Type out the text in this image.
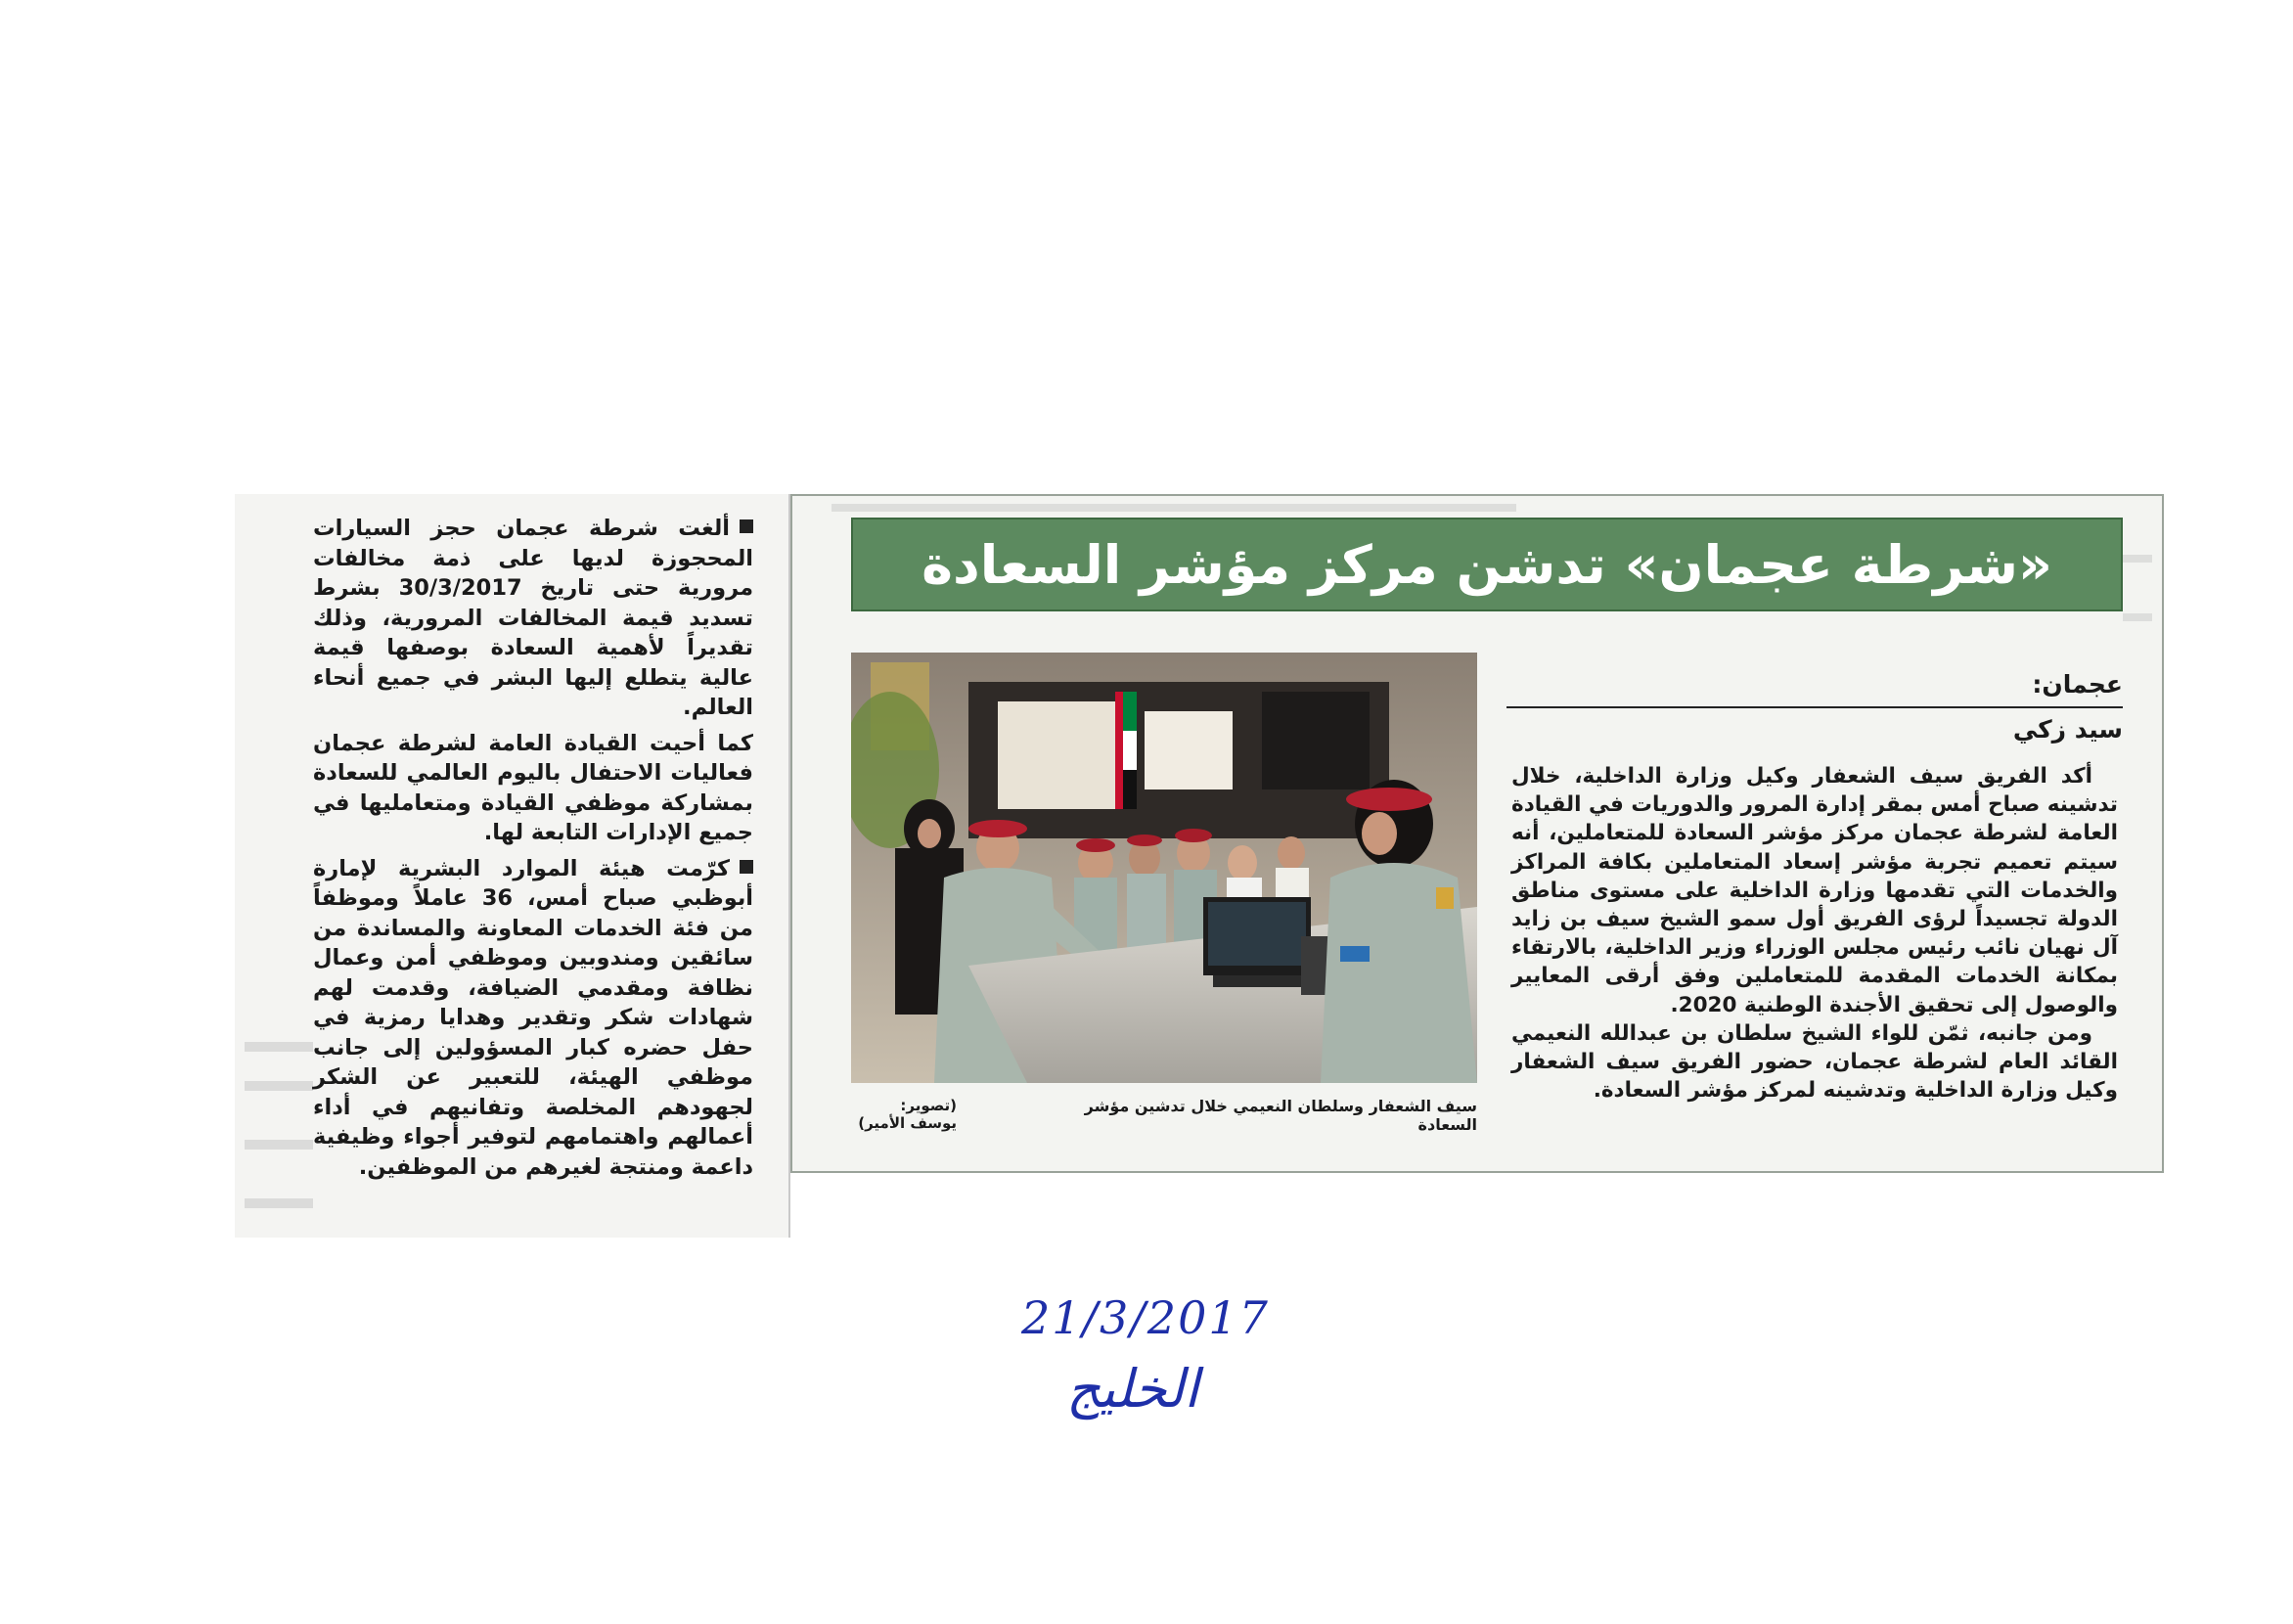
ألغت شرطة عجمان حجز السيارات المحجوزة لديها على ذمة مخالفات مرورية حتى تاريخ 30/3/2017 بشرط تسديد قيمة المخالفات المرورية، وذلك تقديراً لأهمية السعادة بوصفها قيمة عالية يتطلع إليها البشر في جميع أنحاء العالم.

كما أحيت القيادة العامة لشرطة عجمان فعاليات الاحتفال باليوم العالمي للسعادة بمشاركة موظفي القيادة ومتعامليها في جميع الإدارات التابعة لها.

كرّمت هيئة الموارد البشرية لإمارة أبوظبي صباح أمس، 36 عاملاً وموظفاً من فئة الخدمات المعاونة والمساندة من سائقين ومندوبين وموظفي أمن وعمال نظافة ومقدمي الضيافة، وقدمت لهم شهادات شكر وتقدير وهدايا رمزية في حفل حضره كبار المسؤولين إلى جانب موظفي الهيئة، للتعبير عن الشكر لجهودهم المخلصة وتفانيهم في أداء أعمالهم واهتمامهم لتوفير أجواء وظيفية داعمة ومنتجة لغيرهم من الموظفين.

«شرطة عجمان» تدشن مركز مؤشر السعادة
(تصوير: يوسف الأمير)
سيف الشعفار وسلطان النعيمي خلال تدشين مؤشر السعادة
عجمان:
سيد زكي

أكد الفريق سيف الشعفار وكيل وزارة الداخلية، خلال تدشينه صباح أمس بمقر إدارة المرور والدوريات في القيادة العامة لشرطة عجمان مركز مؤشر السعادة للمتعاملين، أنه سيتم تعميم تجربة مؤشر إسعاد المتعاملين بكافة المراكز والخدمات التي تقدمها وزارة الداخلية على مستوى مناطق الدولة تجسيداً لرؤى الفريق أول سمو الشيخ سيف بن زايد آل نهيان نائب رئيس مجلس الوزراء وزير الداخلية، بالارتقاء بمكانة الخدمات المقدمة للمتعاملين وفق أرقى المعايير والوصول إلى تحقيق الأجندة الوطنية 2020.

ومن جانبه، ثمّن للواء الشيخ سلطان بن عبدالله النعيمي القائد العام لشرطة عجمان، حضور الفريق سيف الشعفار وكيل وزارة الداخلية وتدشينه لمركز مؤشر السعادة.

21/3/2017
الخليج
